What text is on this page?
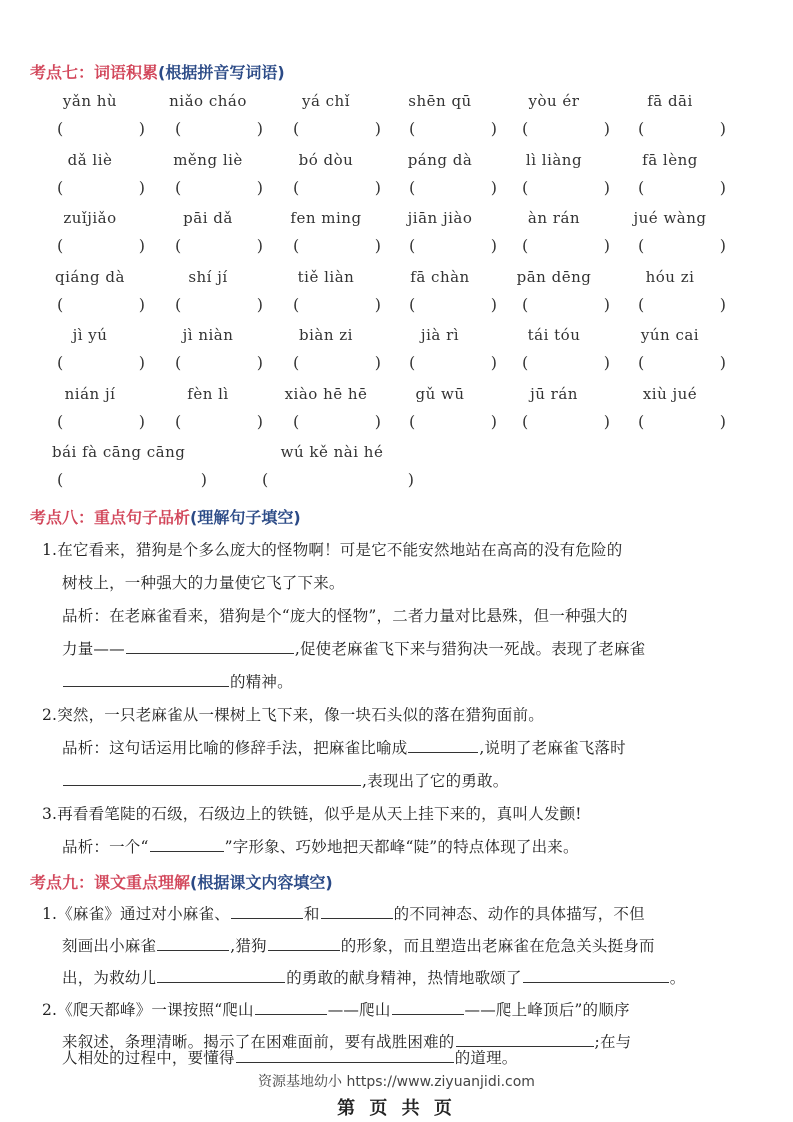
考点七：词语积累(根据拼音写词语)
yǎn hù	niǎo cháo	yá chǐ	shēn qū	yòu ér	fā dāi
(	) (	) (	) (	) (	) (	)
dǎ liè	měng liè	bó dòu	páng dà	lì liàng	fā lèng
(	) (	) (	) (	) (	) (	)
zuǐjiǎo	pāi dǎ	fen ming	jiān jiào	àn rán	jué wàng
(	) (	) (	) (	) (	) (	)
qiáng dà	shí jí	tiě liàn	fā chàn	pān dēng	hóu zi
(	) (	) (	) (	) (	) (	)
jì yú	jì niàn	biàn zi	jià rì	tái tóu	yún cai
(	) (	) (	) (	) (	) (	)
nián jí	fèn lì	xiào hē hē	gǔ wū	jū rán	xiù jué
(	) (	) (	) (	) (	) (	)
bái fà cāng cāng	wú kě nài hé
(	)	(	)
考点八：重点句子品析(理解句子填空)
1.在它看来，猎狗是个多么庞大的怪物啊！可是它不能安然地站在高高的没有危险的
树枝上，一种强大的力量使它飞了下来。
品析：在老麻雀看来，猎狗是个“庞大的怪物”，二者力量对比悬殊，但一种强大的
力量——	,促使老麻雀飞下来与猎狗决一死战。表现了老麻雀
的精神。
2.突然，一只老麻雀从一棵树上飞下来，像一块石头似的落在猎狗面前。
品析：这句话运用比喻的修辞手法，把麻雀比喻成	,说明了老麻雀飞落时
,表现出了它的勇敢。
3.再看看笔陡的石级，石级边上的铁链，似乎是从天上挂下来的，真叫人发颤!
品析：一个“	”字形象、巧妙地把天都峰“陡”的特点体现了出来。
考点九：课文重点理解(根据课文内容填空)
1.《麻雀》通过对小麻雀、	和	的不同神态、动作的具体描写，不但
刻画出小麻雀	,猎狗	的形象，而且塑造出老麻雀在危急关头挺身而
出，为救幼儿	的勇敢的献身精神，热情地歌颂了	。
2.《爬天都峰》一课按照“爬山	——爬山	——爬上峰顶后”的顺序
来叙述，条理清晰。揭示了在困难面前，要有战胜困难的	;在与
人相处的过程中，要懂得	的道理。
资源基地幼小 https://www.ziyuanjidi.com
第 页 共 页
